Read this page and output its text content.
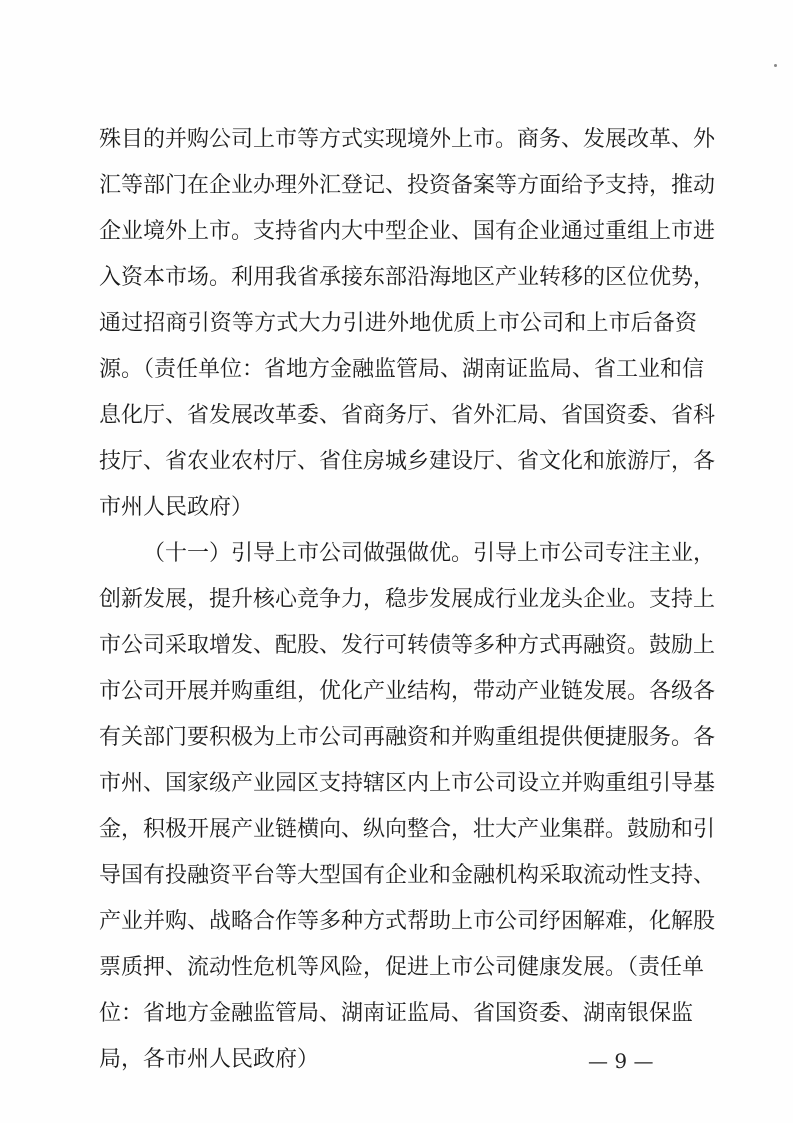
殊目的并购公司上市等方式实现境外上市。商务、发展改革、外
汇等部门在企业办理外汇登记、投资备案等方面给予支持，推动
企业境外上市。支持省内大中型企业、国有企业通过重组上市进
入资本市场。利用我省承接东部沿海地区产业转移的区位优势，
通过招商引资等方式大力引进外地优质上市公司和上市后备资
源。（责任单位：省地方金融监管局、湖南证监局、省工业和信
息化厅、省发展改革委、省商务厅、省外汇局、省国资委、省科
技厅、省农业农村厅、省住房城乡建设厅、省文化和旅游厅，各
市州人民政府）
（十一）引导上市公司做强做优。引导上市公司专注主业，
创新发展，提升核心竞争力，稳步发展成行业龙头企业。支持上
市公司采取增发、配股、发行可转债等多种方式再融资。鼓励上
市公司开展并购重组，优化产业结构，带动产业链发展。各级各
有关部门要积极为上市公司再融资和并购重组提供便捷服务。各
市州、国家级产业园区支持辖区内上市公司设立并购重组引导基
金，积极开展产业链横向、纵向整合，壮大产业集群。鼓励和引
导国有投融资平台等大型国有企业和金融机构采取流动性支持、
产业并购、战略合作等多种方式帮助上市公司纾困解难，化解股
票质押、流动性危机等风险，促进上市公司健康发展。（责任单
位：省地方金融监管局、湖南证监局、省国资委、湖南银保监
局，各市州人民政府）	— 9 —
